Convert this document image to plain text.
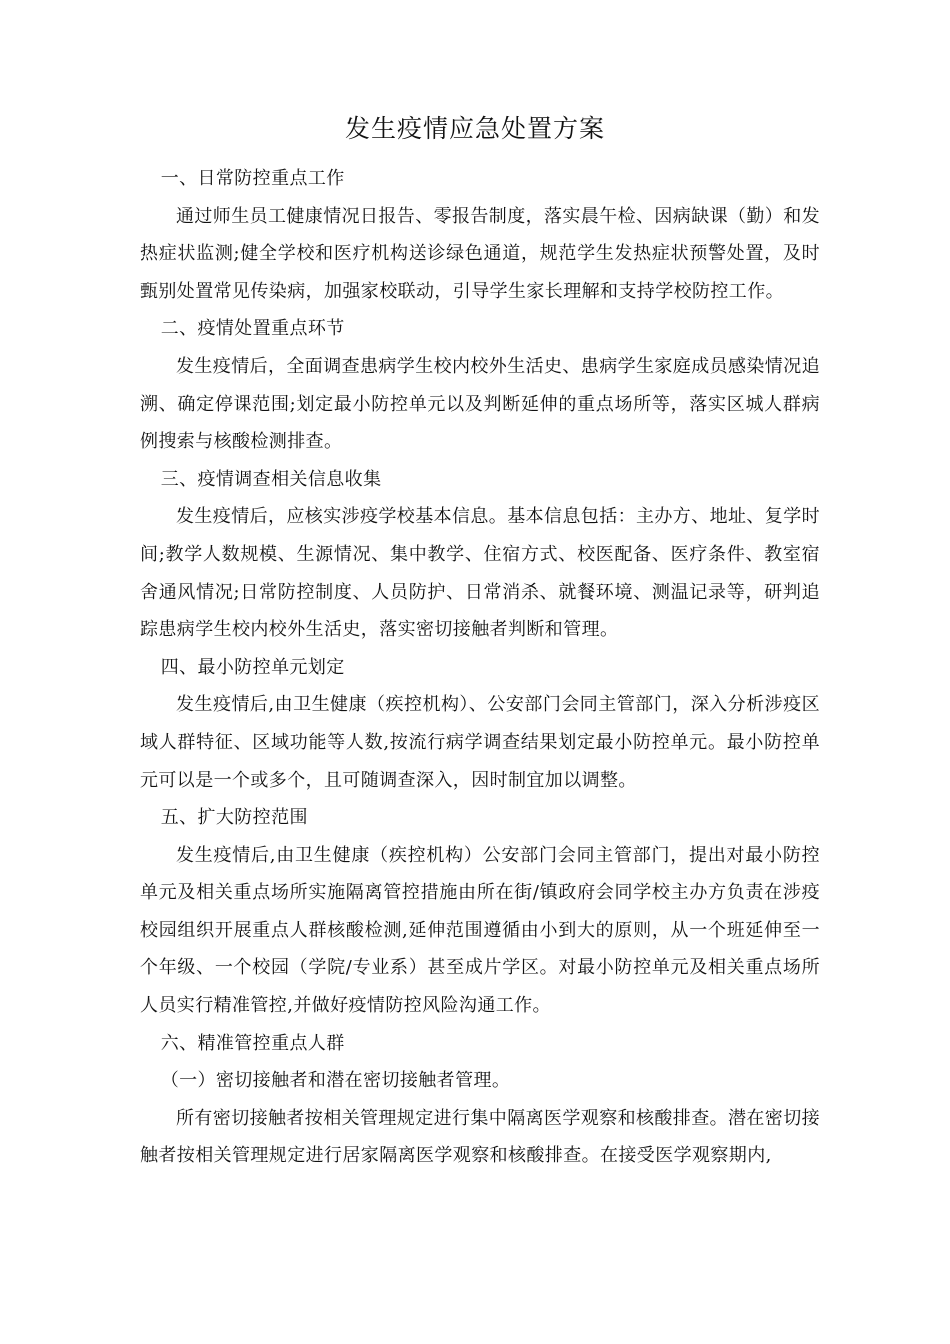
发生疫情应急处置方案

一、日常防控重点工作

通过师生员工健康情况日报告、零报告制度，落实晨午检、因病缺课（勤）和发热症状监测;健全学校和医疗机构送诊绿色通道，规范学生发热症状预警处置，及时甄别处置常见传染病，加强家校联动，引导学生家长理解和支持学校防控工作。

二、疫情处置重点环节

发生疫情后，全面调查患病学生校内校外生活史、患病学生家庭成员感染情况追溯、确定停课范围;划定最小防控单元以及判断延伸的重点场所等，落实区城人群病例搜索与核酸检测排查。

三、疫情调查相关信息收集

发生疫情后，应核实涉疫学校基本信息。基本信息包括：主办方、地址、复学时间;教学人数规模、生源情况、集中教学、住宿方式、校医配备、医疗条件、教室宿舍通风情况;日常防控制度、人员防护、日常消杀、就餐环境、测温记录等，研判追踪患病学生校内校外生活史，落实密切接触者判断和管理。

四、最小防控单元划定

发生疫情后,由卫生健康（疾控机构）、公安部门会同主管部门，深入分析涉疫区域人群特征、区域功能等人数,按流行病学调查结果划定最小防控单元。最小防控单元可以是一个或多个，且可随调查深入，因时制宜加以调整。

五、扩大防控范围

发生疫情后,由卫生健康（疾控机构）公安部门会同主管部门，提出对最小防控单元及相关重点场所实施隔离管控措施由所在街/镇政府会同学校主办方负责在涉疫校园组织开展重点人群核酸检测,延伸范围遵循由小到大的原则，从一个班延伸至一个年级、一个校园（学院/专业系）甚至成片学区。对最小防控单元及相关重点场所人员实行精准管控,并做好疫情防控风险沟通工作。

六、精准管控重点人群

（一）密切接触者和潜在密切接触者管理。

所有密切接触者按相关管理规定进行集中隔离医学观察和核酸排查。潜在密切接触者按相关管理规定进行居家隔离医学观察和核酸排查。在接受医学观察期内,
